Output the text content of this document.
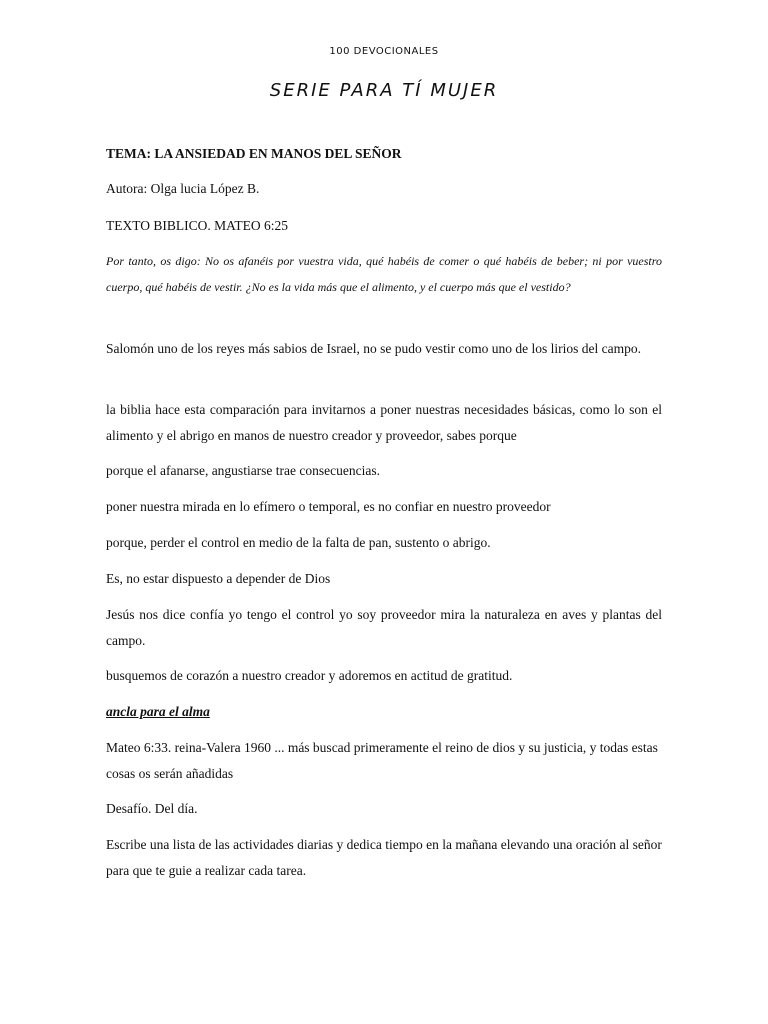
100 DEVOCIONALES
SERIE PARA TÍ MUJER

TEMA: LA ANSIEDAD EN MANOS DEL SEÑOR

Autora: Olga lucia López B.

TEXTO BIBLICO. MATEO 6:25

Por tanto, os digo: No os afanéis por vuestra vida, qué habéis de comer o qué habéis de beber; ni por vuestro cuerpo, qué habéis de vestir. ¿No es la vida más que el alimento, y el cuerpo más que el vestido?

Salomón uno de los reyes más sabios de Israel, no se pudo vestir como uno de los lirios del campo.

la biblia hace esta comparación para invitarnos a poner nuestras necesidades básicas, como lo son el alimento y el abrigo en manos de nuestro creador y proveedor, sabes porque

porque el afanarse, angustiarse trae consecuencias.

poner nuestra mirada en lo efímero o temporal, es no confiar en nuestro proveedor

porque, perder el control en medio de la falta de pan, sustento o abrigo.

Es, no estar dispuesto a depender de Dios

Jesús nos dice confía yo tengo el control yo soy proveedor mira la naturaleza en aves y plantas del campo.

busquemos de corazón a nuestro creador y adoremos en actitud de gratitud.

ancla para el alma

Mateo 6:33. reina-Valera 1960 ... más buscad primeramente el reino de dios y su justicia, y todas estas cosas os serán añadidas

Desafío. Del día.

Escribe una lista de las actividades diarias y dedica tiempo en la mañana elevando una oración al señor para que te guie a realizar cada tarea.
